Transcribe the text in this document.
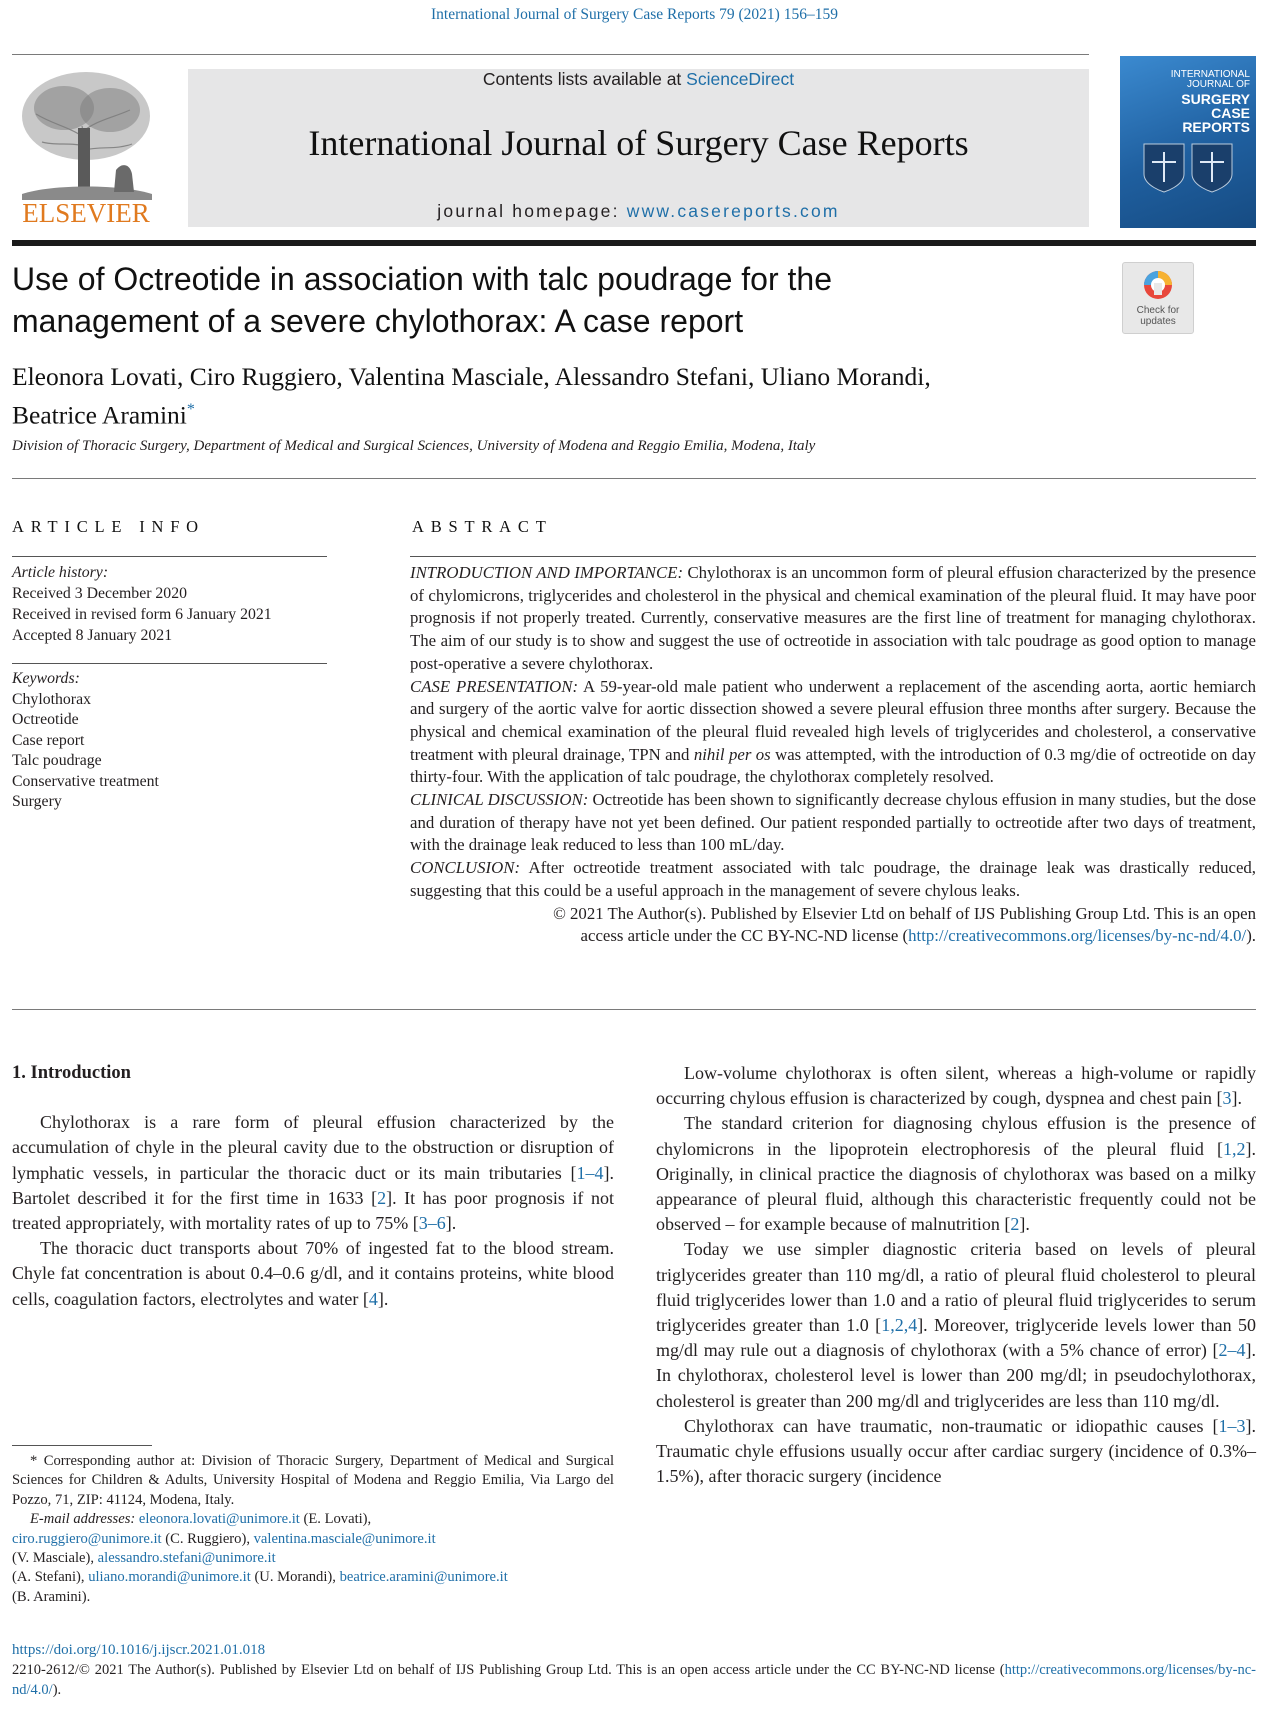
International Journal of Surgery Case Reports 79 (2021) 156–159
ELSEVIER
Contents lists available at ScienceDirect
International Journal of Surgery Case Reports
journal homepage: www.casereports.com
INTERNATIONAL
JOURNAL OF
SURGERY
CASE
REPORTS
Use of Octreotide in association with talc poudrage for the
management of a severe chylothorax: A case report	Check for
updates
Eleonora Lovati, Ciro Ruggiero, Valentina Masciale, Alessandro Stefani, Uliano Morandi,
Beatrice Aramini*
Division of Thoracic Surgery, Department of Medical and Surgical Sciences, University of Modena and Reggio Emilia, Modena, Italy
ARTICLE INFO
Article history:
Received 3 December 2020
Received in revised form 6 January 2021
Accepted 8 January 2021
Keywords:
Chylothorax
Octreotide
Case report
Talc poudrage
Conservative treatment
Surgery
ABSTRACT

INTRODUCTION AND IMPORTANCE: Chylothorax is an uncommon form of pleural effusion characterized by the presence of chylomicrons, triglycerides and cholesterol in the physical and chemical examination of the pleural fluid. It may have poor prognosis if not properly treated. Currently, conservative measures are the first line of treatment for managing chylothorax. The aim of our study is to show and suggest the use of octreotide in association with talc poudrage as good option to manage post-operative a severe chylothorax.

CASE PRESENTATION: A 59-year-old male patient who underwent a replacement of the ascending aorta, aortic hemiarch and surgery of the aortic valve for aortic dissection showed a severe pleural effusion three months after surgery. Because the physical and chemical examination of the pleural fluid revealed high levels of triglycerides and cholesterol, a conservative treatment with pleural drainage, TPN and nihil per os was attempted, with the introduction of 0.3 mg/die of octreotide on day thirty-four. With the application of talc poudrage, the chylothorax completely resolved.

CLINICAL DISCUSSION: Octreotide has been shown to significantly decrease chylous effusion in many studies, but the dose and duration of therapy have not yet been defined. Our patient responded partially to octreotide after two days of treatment, with the drainage leak reduced to less than 100 mL/day.

CONCLUSION: After octreotide treatment associated with talc poudrage, the drainage leak was drastically reduced, suggesting that this could be a useful approach in the management of severe chylous leaks.

© 2021 The Author(s). Published by Elsevier Ltd on behalf of IJS Publishing Group Ltd. This is an open
access article under the CC BY-NC-ND license (http://creativecommons.org/licenses/by-nc-nd/4.0/).

1. Introduction

Chylothorax is a rare form of pleural effusion characterized by the accumulation of chyle in the pleural cavity due to the obstruction or disruption of lymphatic vessels, in particular the thoracic duct or its main tributaries [1–4]. Bartolet described it for the first time in 1633 [2]. It has poor prognosis if not treated appropriately, with mortality rates of up to 75% [3–6].

The thoracic duct transports about 70% of ingested fat to the blood stream. Chyle fat concentration is about 0.4–0.6 g/dl, and it contains proteins, white blood cells, coagulation factors, electrolytes and water [4].

Low-volume chylothorax is often silent, whereas a high-volume or rapidly occurring chylous effusion is characterized by cough, dyspnea and chest pain [3].

The standard criterion for diagnosing chylous effusion is the presence of chylomicrons in the lipoprotein electrophoresis of the pleural fluid [1,2]. Originally, in clinical practice the diagnosis of chylothorax was based on a milky appearance of pleural fluid, although this characteristic frequently could not be observed – for example because of malnutrition [2].

Today we use simpler diagnostic criteria based on levels of pleural triglycerides greater than 110 mg/dl, a ratio of pleural fluid cholesterol to pleural fluid triglycerides lower than 1.0 and a ratio of pleural fluid triglycerides to serum triglycerides greater than 1.0 [1,2,4]. Moreover, triglyceride levels lower than 50 mg/dl may rule out a diagnosis of chylothorax (with a 5% chance of error) [2–4]. In chylothorax, cholesterol level is lower than 200 mg/dl; in pseudochylothorax, cholesterol is greater than 200 mg/dl and triglycerides are less than 110 mg/dl.

Chylothorax can have traumatic, non-traumatic or idiopathic causes [1–3]. Traumatic chyle effusions usually occur after cardiac surgery (incidence of 0.3%–1.5%), after thoracic surgery (incidence

* Corresponding author at: Division of Thoracic Surgery, Department of Medical and Surgical Sciences for Children & Adults, University Hospital of Modena and Reggio Emilia, Via Largo del Pozzo, 71, ZIP: 41124, Modena, Italy.

E-mail addresses: eleonora.lovati@unimore.it (E. Lovati),
ciro.ruggiero@unimore.it (C. Ruggiero), valentina.masciale@unimore.it
(V. Masciale), alessandro.stefani@unimore.it
(A. Stefani), uliano.morandi@unimore.it (U. Morandi), beatrice.aramini@unimore.it
(B. Aramini).

https://doi.org/10.1016/j.ijscr.2021.01.018
2210-2612/© 2021 The Author(s). Published by Elsevier Ltd on behalf of IJS Publishing Group Ltd. This is an open access article under the CC BY-NC-ND license (http://creativecommons.org/licenses/by-nc-nd/4.0/).
